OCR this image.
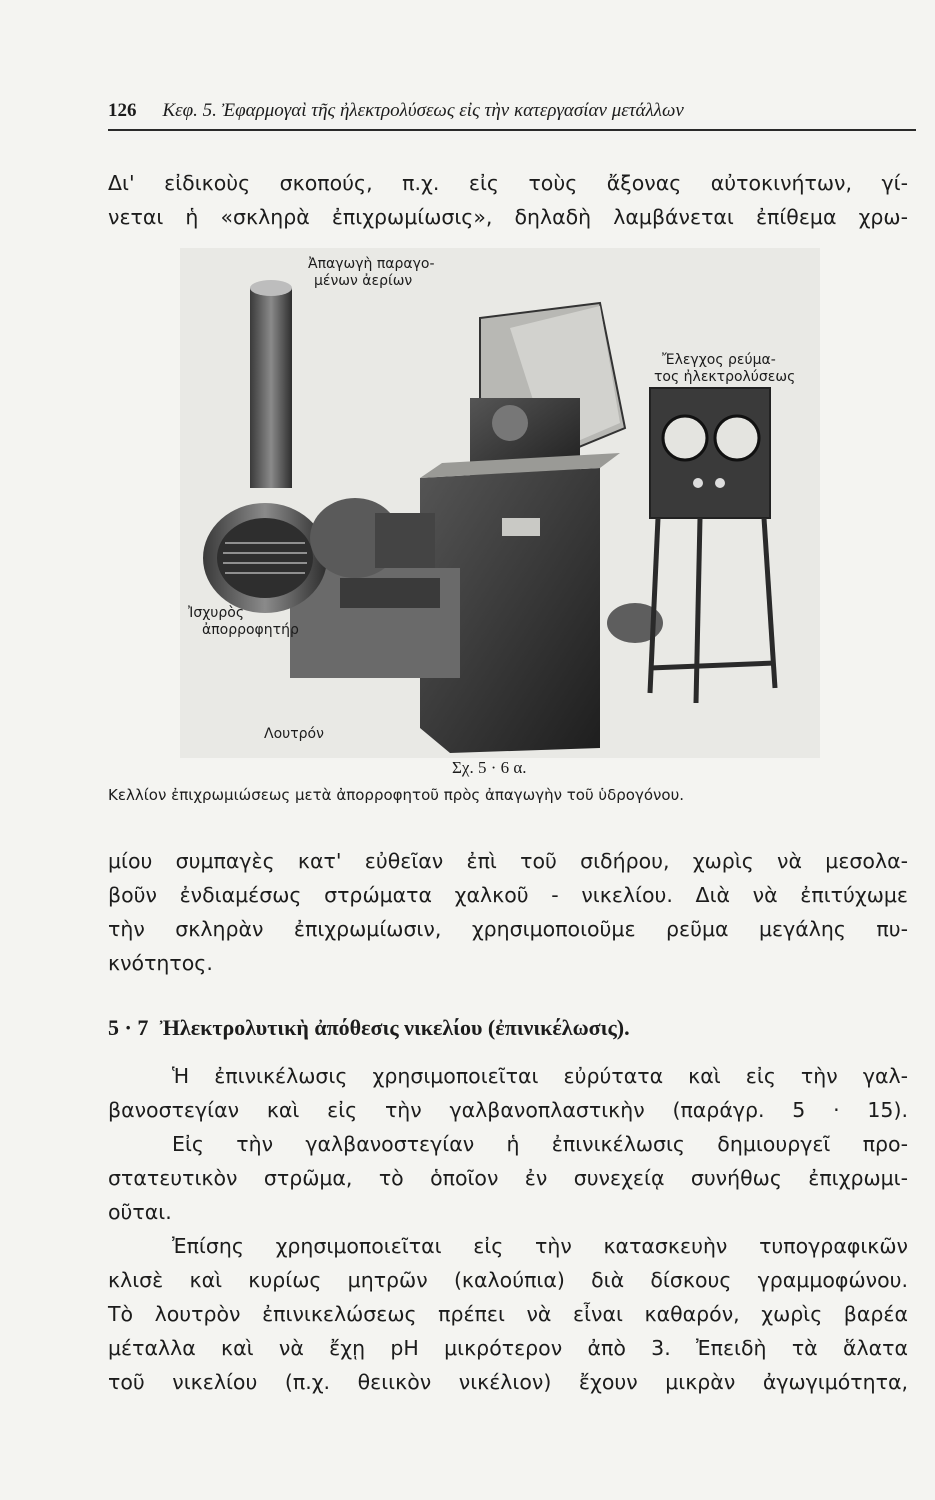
126 Κεφ. 5. Ἐφαρμογαὶ τῆς ἠλεκτρολύσεως εἰς τὴν κατεργασίαν μετάλλων
Δι' εἰδικοὺς σκοπούς, π.χ. εἰς τοὺς ἄξονας αὐτοκινήτων, γί-
νεται ἡ «σκληρὰ ἐπιχρωμίωσις», δηλαδὴ λαμβάνεται ἐπίθεμα χρω-
Ἀπαγωγὴ παραγο-
μένων ἀερίων
Ἔλεγχος ρεύμα-
τος ἠλεκτρολύσεως
Ἰσχυρὸς
ἀπορροφητήρ
Λουτρόν
Σχ. 5 · 6 α.
Κελλίον ἐπιχρωμιώσεως μετὰ ἀπορροφητοῦ πρὸς ἀπαγωγὴν τοῦ ὑδρογόνου.
μίου συμπαγὲς κατ' εὐθεῖαν ἐπὶ τοῦ σιδήρου, χωρὶς νὰ μεσολα-
βοῦν ἐνδιαμέσως στρώματα χαλκοῦ - νικελίου. Διὰ νὰ ἐπιτύχωμε
τὴν σκληρὰν ἐπιχρωμίωσιν, χρησιμοποιοῦμε ρεῦμα μεγάλης πυ-
κνότητος.
5 · 7 Ἠλεκτρολυτικὴ ἀπόθεσις νικελίου (ἐπινικέλωσις).
Ἡ ἐπινικέλωσις χρησιμοποιεῖται εὐρύτατα καὶ εἰς τὴν γαλ-
βανοστεγίαν καὶ εἰς τὴν γαλβανοπλαστικὴν (παράγρ. 5 · 15).
Εἰς τὴν γαλβανοστεγίαν ἡ ἐπινικέλωσις δημιουργεῖ προ-
στατευτικὸν στρῶμα, τὸ ὁποῖον ἐν συνεχείᾳ συνήθως ἐπιχρωμι-
οῦται.
Ἐπίσης χρησιμοποιεῖται εἰς τὴν κατασκευὴν τυπογραφικῶν
κλισὲ καὶ κυρίως μητρῶν (καλούπια) διὰ δίσκους γραμμοφώνου.
Τὸ λουτρὸν ἐπινικελώσεως πρέπει νὰ εἶναι καθαρόν, χωρὶς βαρέα
μέταλλα καὶ νὰ ἔχῃ pH μικρότερον ἀπὸ 3. Ἐπειδὴ τὰ ἅλατα
τοῦ νικελίου (π.χ. θειικὸν νικέλιον) ἔχουν μικρὰν ἀγωγιμότητα,
